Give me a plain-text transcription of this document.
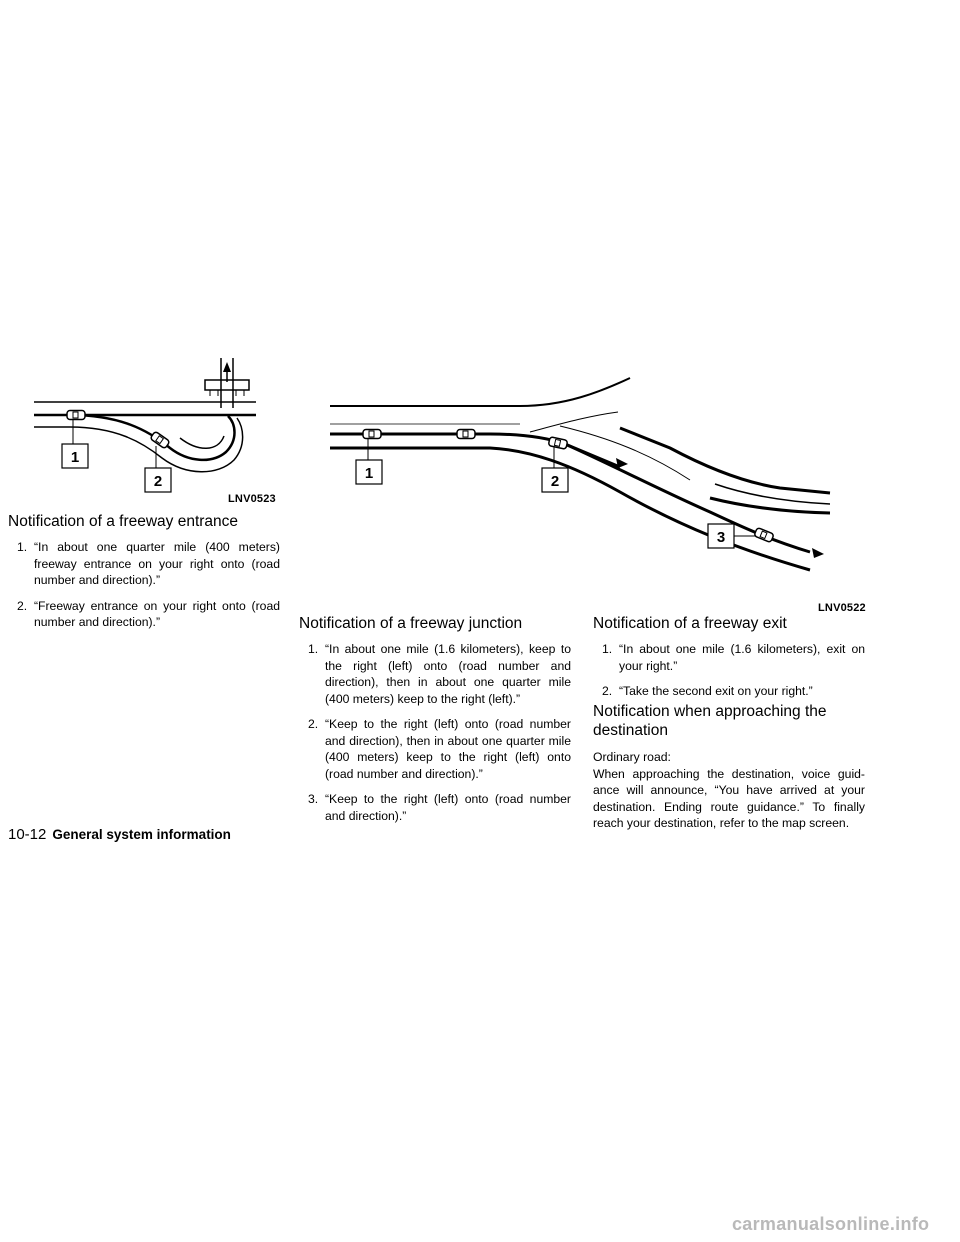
1
2
LNV0523
1	2
3
LNV0522
Notification of a freeway entrance
1. “In about one quarter mile (400 meters) freeway entrance on your right onto (road number and direction).”
2. “Freeway entrance on your right onto (road number and direction).”	Notification of a freeway junction
1. “In about one mile (1.6 kilometers), keep to the right (left) onto (road number and direction), then in about one quarter mile (400 meters) keep to the right (left).”
2. “Keep to the right (left) onto (road number and direction), then in about one quarter mile (400 meters) keep to the right (left) onto (road number and direction).”
3. “Keep to the right (left) onto (road number and direction).”
Notification of a freeway exit
1. “In about one mile (1.6 kilometers), exit on your right.”
2. “Take the second exit on your right.”
Notification when approaching the destination

Ordinary road:

When approaching the destination, voice guid- ance will announce, “You have arrived at your destination. Ending route guidance.” To finally reach your destination, refer to the map screen.

10-12 General system information
carmanualsonline.info
